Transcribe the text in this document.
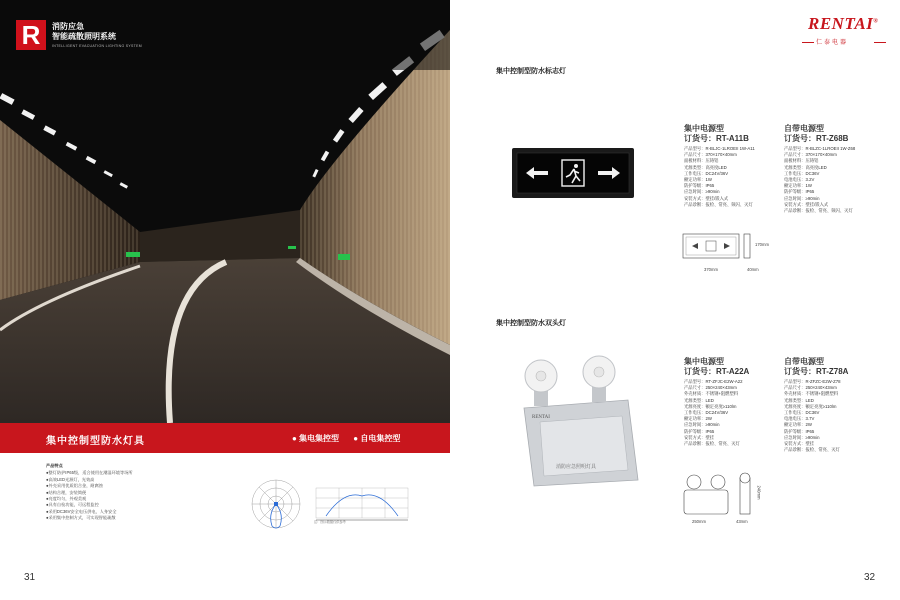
R	消防应急
智能疏散照明系统
INTELLIGENT EVACUATION LIGHTING SYSTEM
集中控制型防水灯具	● 集电集控型 ● 自电集控型
产品特点
●整灯防护IP65级，适合使用在潮湿环境等场所
●高效LED光源灯，光效高
●外壳采用优质铝合金，耐腐蚀
●结构合理，安装简便
●亮度均匀，外观美观
●具有自检功能，可远程监控
●采用DC36V安全电压供电，人身安全
●采用集中控制方式，可实现智能疏散
注：图示数据仅供参考
31
RENTAI®
仁泰电器
集中控制型防水标志灯
集中电源型
订货号：RT-A11B
产品型号：R-BLJC-1LROEII 1W-A11
产品尺寸：370×170×40mm
面板材料：压铸铝
光源类型：高亮度LED
工作电压：DC24V/36V
额定功率：1W
防护等级：IP65
应急时间：≥90min
安装方式：壁挂/嵌入式
产品诊断：报检、常亮、频闪、灭灯
自带电源型
订货号：RT-Z68B
产品型号：R-BLZC-1LROEII 1W-Z68
产品尺寸：370×170×40mm
面板材料：压铸铝
光源类型：高亮度LED
工作电压：DC36V
电池电压：3.2V
额定功率：1W
防护等级：IP65
应急时间：≥90min
安装方式：壁挂/嵌入式
产品诊断：报检、常亮、频闪、灭灯
370mm	40mm
170mm
集中控制型防水双头灯
RENTAI
消防应急照明灯具
集中电源型
订货号：RT-A22A
产品型号：RT-ZFJC-E2W-A22
产品尺寸：250×240×43mm
外壳材质：不锈钢+阻燃塑料
光源类型：LED
光源亮度：额定亮度≥110lm
工作电压：DC24V/36V
额定功率：2W
应急时间：≥90min
防护等级：IP65
安装方式：壁挂
产品诊断：报检、常亮、灭灯
自带电源型
订货号：RT-Z78A
产品型号：R-ZFZC-E2W-Z78
产品尺寸：250×240×43mm
外壳材质：不锈钢+阻燃塑料
光源类型：LED
光源亮度：额定亮度≥110lm
工作电压：DC36V
电池电压：3.7V
额定功率：2W
防护等级：IP65
应急时间：≥90min
安装方式：壁挂
产品诊断：报检、常亮、灭灯
250mm	43mm
240mm
32
